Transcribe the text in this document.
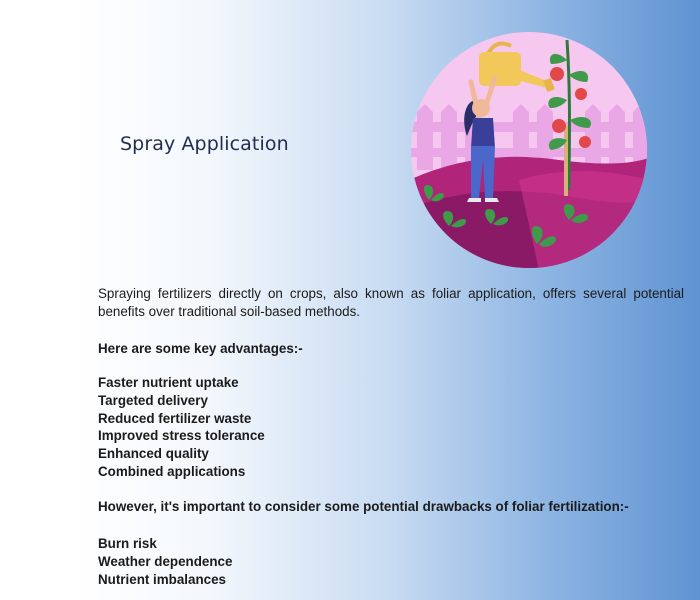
Spray Application
Spraying fertilizers directly on crops, also known as foliar application, offers several potential benefits over traditional soil-based methods.
Here are some key advantages:-
Faster nutrient uptake
Targeted delivery
Reduced fertilizer waste
Improved stress tolerance
Enhanced quality
Combined applications
However, it's important to consider some potential drawbacks of foliar fertilization:-
Burn risk
Weather dependence
Nutrient imbalances
